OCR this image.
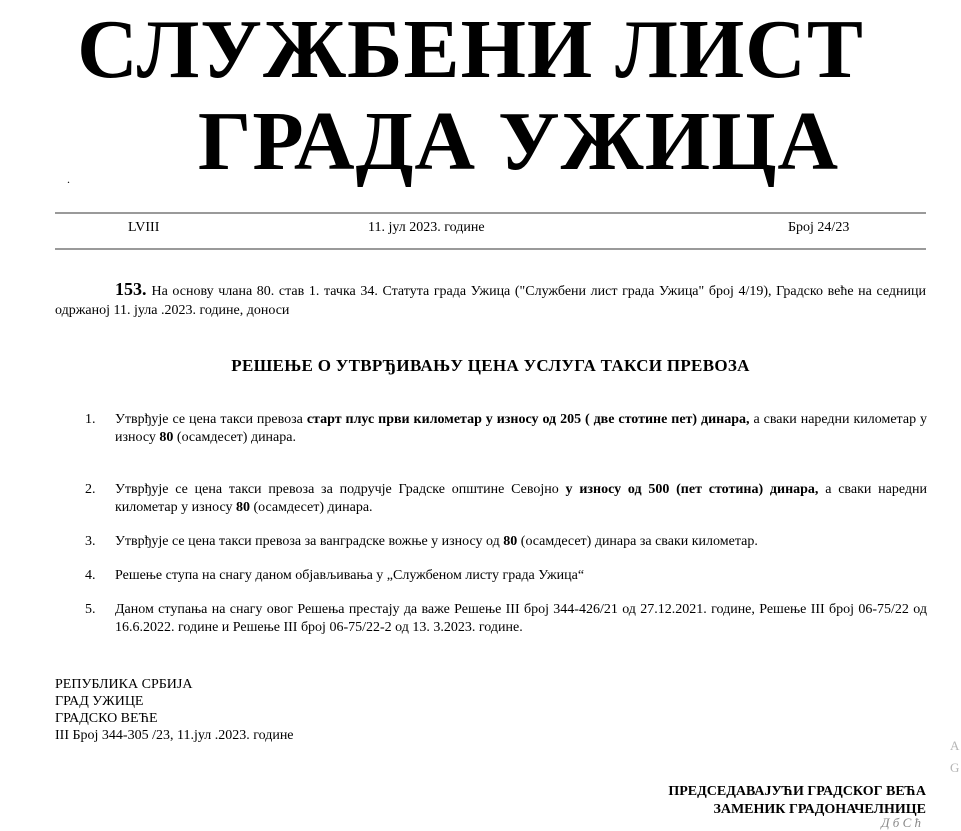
СЛУЖБЕНИ ЛИСТ
ГРАДА УЖИЦА
.
LVIII	11. јул 2023. године	Број 24/23
153. На основу члана 80. став 1. тачка 34. Статута града Ужица ("Службени лист града Ужица" број 4/19), Градско веће на седници одржаној 11. јула .2023. године, доноси
РЕШЕЊЕ О УТВРЂИВАЊУ ЦЕНА УСЛУГА ТАКСИ ПРЕВОЗА
1. Утврђује се цена такси превоза старт плус први километар у износу од 205 ( две стотине пет) динара, а сваки наредни километар у износу 80 (осамдесет) динара.
2. Утврђује се цена такси превоза за подручје Градске општине Севојно у износу од 500 (пет стотина) динара, а сваки наредни километар у износу 80 (осамдесет) динара.
3. Утврђује се цена такси превоза за ванградске вожње у износу од 80 (осамдесет) динара за сваки километар.
4. Решење ступа на снагу даном објављивања у „Службеном листу града Ужица“
5. Даном ступања на снагу овог Решења престају да важе Решење III број 344-426/21 од 27.12.2021. године, Решење III број 06-75/22 од 16.6.2022. године и Решење III број 06-75/22-2 од 13. 3.2023. године.
РЕПУБЛИКА СРБИЈА
ГРАД УЖИЦЕ
ГРАДСКО ВЕЋЕ
III Број 344-305 /23, 11.јул .2023. године
ПРЕДСЕДАВАЈУЋИ ГРАДСКОГ ВЕЋА
ЗАМЕНИК ГРАДОНАЧЕЛНИЦЕ
Д б С ћ
A
G
